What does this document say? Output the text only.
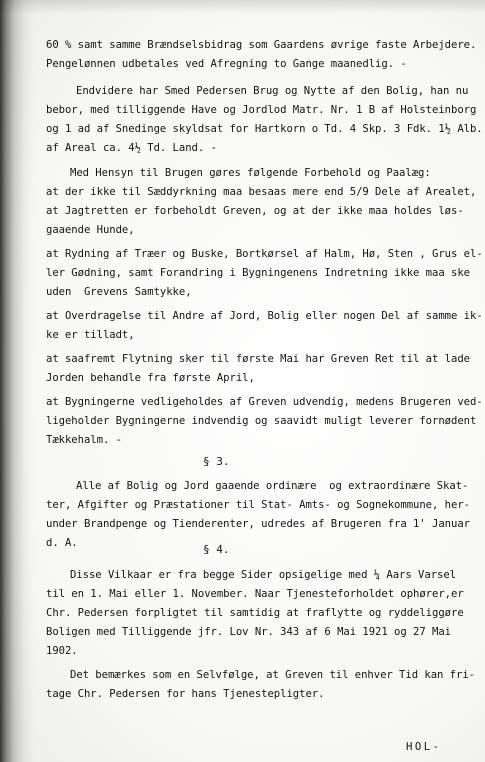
60 % samt samme Brændselsbidrag som Gaardens øvrige faste Arbejdere.
Pengelønnen udbetales ved Afregning to Gange maanedlig. -
Endvidere har Smed Pedersen Brug og Nytte af den Bolig, han nu
bebor, med tilliggende Have og Jordlod Matr. Nr. 1 B af Holsteinborg
og 1 ad af Snedinge skyldsat for Hartkorn o Td. 4 Skp. 3 Fdk. 1½ Alb.
af Areal ca. 4½ Td. Land. -
Med Hensyn til Brugen gøres følgende Forbehold og Paalæg:
at der ikke til Sæddyrkning maa besaas mere end 5/9 Dele af Arealet,
at Jagtretten er forbeholdt Greven, og at der ikke maa holdes løs-
gaaende Hunde,
at Rydning af Træer og Buske, Bortkørsel af Halm, Hø, Sten , Grus el-
ler Gødning, samt Forandring i Bygningenens Indretning ikke maa ske
uden  Grevens Samtykke,
at Overdragelse til Andre af Jord, Bolig eller nogen Del af samme ik-
ke er tilladt,
at saafremt Flytning sker til første Mai har Greven Ret til at lade
Jorden behandle fra første April,
at Bygningerne vedligeholdes af Greven udvendig, medens Brugeren ved-
ligeholder Bygningerne indvendig og saavidt muligt leverer fornødent
Tækkehalm. -
§ 3.
Alle af Bolig og Jord gaaende ordinære  og extraordinære Skat-
ter, Afgifter og Præstationer til Stat- Amts- og Sognekommune, her-
under Brandpenge og Tienderenter, udredes af Brugeren fra 1' Januar
d. A.	§ 4.
Disse Vilkaar er fra begge Sider opsigelige med ¼ Aars Varsel
til en 1. Mai eller 1. November. Naar Tjenesteforholdet ophører,er
Chr. Pedersen forpligtet til samtidig at fraflytte og ryddeliggøre
Boligen med Tilliggende jfr. Lov Nr. 343 af 6 Mai 1921 og 27 Mai
1902.
Det bemærkes som en Selvfølge, at Greven til enhver Tid kan fri-
tage Chr. Pedersen for hans Tjenestepligter.
HOL-
